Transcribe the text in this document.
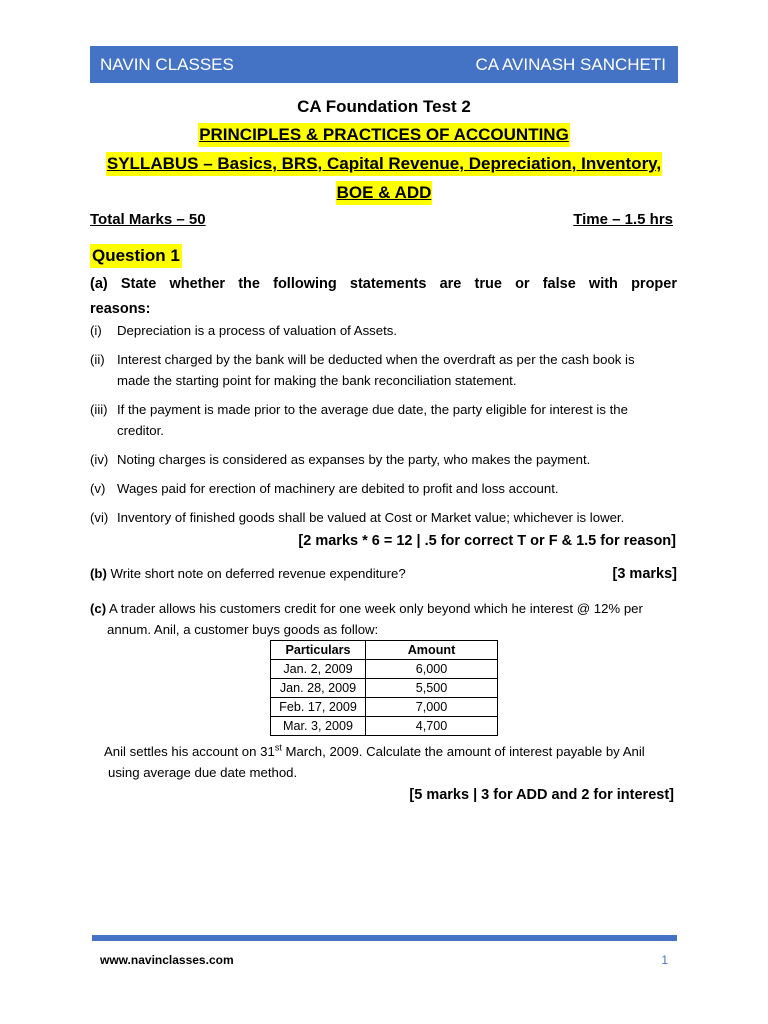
NAVIN CLASSES	CA AVINASH SANCHETI
CA Foundation Test 2
PRINCIPLES & PRACTICES OF ACCOUNTING
SYLLABUS – Basics, BRS, Capital Revenue, Depreciation, Inventory,
BOE & ADD
Total Marks – 50	Time – 1.5 hrs
Question 1
(a) State whether the following statements are true or false with proper
reasons:
(i)	Depreciation is a process of valuation of Assets.
(ii) Interest charged by the bank will be deducted when the overdraft as per the cash book is
made the starting point for making the bank reconciliation statement.
(iii) If the payment is made prior to the average due date, the party eligible for interest is the
creditor.
(iv) Noting charges is considered as expanses by the party, who makes the payment.
(v) Wages paid for erection of machinery are debited to profit and loss account.
(vi) Inventory of finished goods shall be valued at Cost or Market value; whichever is lower.
[2 marks * 6 = 12 | .5 for correct T or F & 1.5 for reason]
(b) Write short note on deferred revenue expenditure?	[3 marks]
(c) A trader allows his customers credit for one week only beyond which he interest @ 12% per
annum. Anil, a customer buys goods as follow:
Particulars	Amount
Jan. 2, 2009	6,000
Jan. 28, 2009	5,500
Feb. 17, 2009	7,000
Mar. 3, 2009	4,700
Anil settles his account on 31st March, 2009. Calculate the amount of interest payable by Anil
using average due date method.
[5 marks | 3 for ADD and 2 for interest]
www.navinclasses.com	1
